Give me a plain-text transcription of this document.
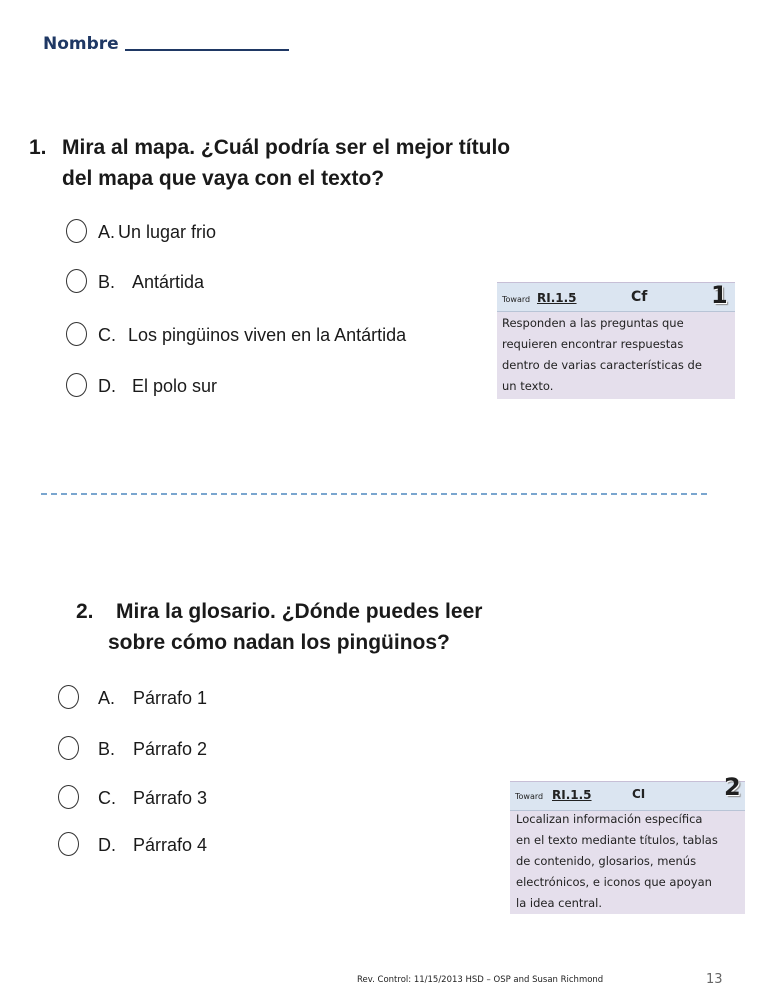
Nombre
1. Mira al mapa. ¿Cuál podría ser el mejor título
del mapa que vaya con el texto?
A. Un lugar frio
B. Antártida
C. Los pingüinos viven en la Antártida
D. El polo sur
Toward RI.1.5	Cf	1
Responden a las preguntas que
requieren encontrar respuestas
dentro de varias características de
un texto.
2. Mira la glosario. ¿Dónde puedes leer
sobre cómo nadan los pingüinos?
A. Párrafo 1
B. Párrafo 2
C. Párrafo 3
D. Párrafo 4
Toward RI.1.5	CI	2
Localizan información específica
en el texto mediante títulos, tablas
de contenido, glosarios, menús
electrónicos, e iconos que apoyan
la idea central.
Rev. Control: 11/15/2013 HSD – OSP and Susan Richmond	13
